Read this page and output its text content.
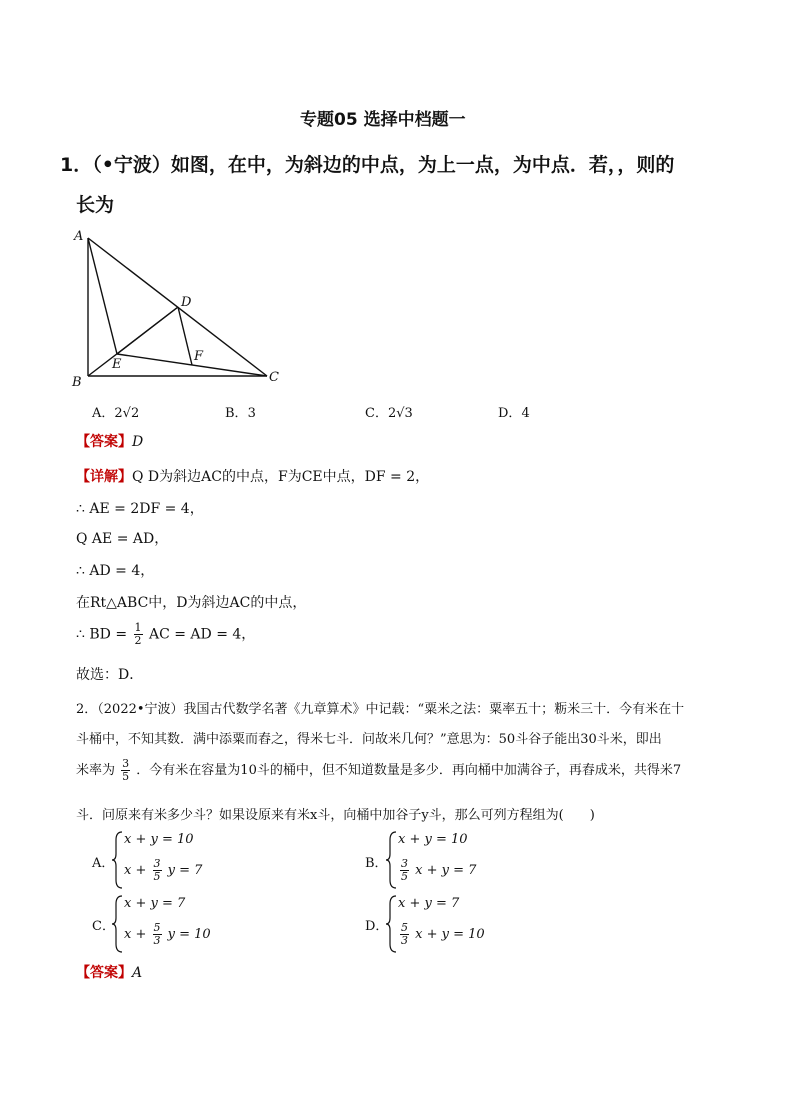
专题05 选择中档题一
1．（•宁波）如图，在中，为斜边的中点，为上一点，为中点．若，，则的
长为
A
B	C
D
E
F
A．2√2	B．3	C．2√3	D．4
【答案】D
【详解】Q D为斜边AC的中点，F为CE中点，DF = 2，
∴ AE = 2DF = 4，
Q AE = AD，
∴ AD = 4，
在Rt△ABC中，D为斜边AC的中点，
∴ BD = $\frac{1}{2}$ AC = AD = 4，
故选：D．
2．（2022•宁波）我国古代数学名著《九章算术》中记载：“粟米之法：粟率五十；粝米三十．今有米在十
斗桶中，不知其数．满中添粟而舂之，得米七斗．问故米几何？”意思为：50斗谷子能出30斗米，即出
米率为 $\frac{3}{5}$ ．今有米在容量为10斗的桶中，但不知道数量是多少．再向桶中加满谷子，再舂成米，共得米7
斗．问原来有米多少斗？如果设原来有米x斗，向桶中加谷子y斗，那么可列方程组为(　　)
A．
x + y = 10
$x + \frac{3}{5}$ y = 7	B．
x + y = 10
$\frac{3}{5}$ x + y = 7
C．
x + y = 7
$x + \frac{5}{3}$ y = 10
D．
x + y = 7
$\frac{5}{3}$ x + y = 10
【答案】A
